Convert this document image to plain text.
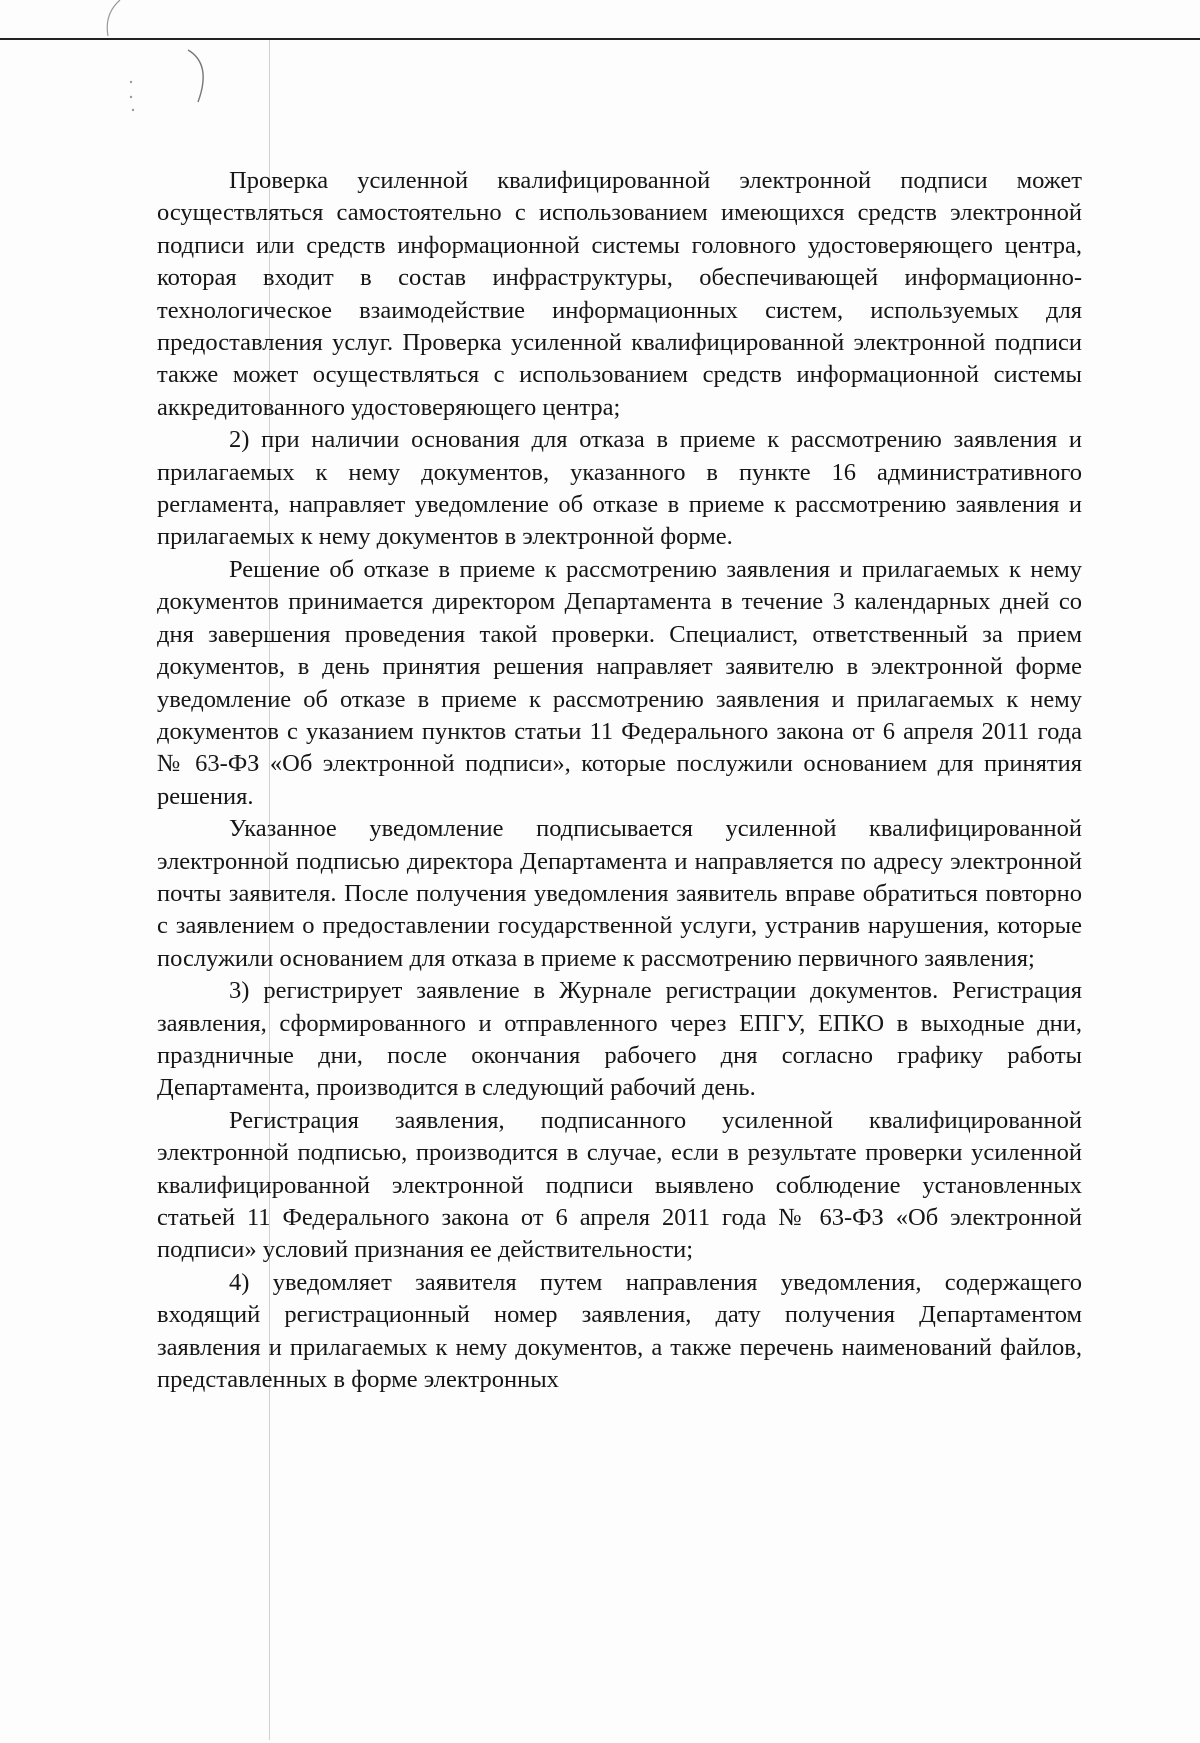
Проверка усиленной квалифицированной электронной подписи может осуществляться самостоятельно с использованием имеющихся средств электронной подписи или средств информационной системы головного удостоверяющего центра, которая входит в состав инфраструктуры, обеспечивающей информационно-технологическое взаимодействие информационных систем, используемых для предоставления услуг. Проверка усиленной квалифицированной электронной подписи также может осуществляться с использованием средств информационной системы аккредитованного удостоверяющего центра;

2) при наличии основания для отказа в приеме к рассмотрению заявления и прилагаемых к нему документов, указанного в пункте 16 административного регламента, направляет уведомление об отказе в приеме к рассмотрению заявления и прилагаемых к нему документов в электронной форме.

Решение об отказе в приеме к рассмотрению заявления и прилагаемых к нему документов принимается директором Департамента в течение 3 календарных дней со дня завершения проведения такой проверки. Специалист, ответственный за прием документов, в день принятия решения направляет заявителю в электронной форме уведомление об отказе в приеме к рассмотрению заявления и прилагаемых к нему документов с указанием пунктов статьи 11 Федерального закона от 6 апреля 2011 года № 63-ФЗ «Об электронной подписи», которые послужили основанием для принятия решения.

Указанное уведомление подписывается усиленной квалифицированной электронной подписью директора Департамента и направляется по адресу электронной почты заявителя. После получения уведомления заявитель вправе обратиться повторно с заявлением о предоставлении государственной услуги, устранив нарушения, которые послужили основанием для отказа в приеме к рассмотрению первичного заявления;

3) регистрирует заявление в Журнале регистрации документов. Регистрация заявления, сформированного и отправленного через ЕПГУ, ЕПКО в выходные дни, праздничные дни, после окончания рабочего дня согласно графику работы Департамента, производится в следующий рабочий день.

Регистрация заявления, подписанного усиленной квалифицированной электронной подписью, производится в случае, если в результате проверки усиленной квалифицированной электронной подписи выявлено соблюдение установленных статьей 11 Федерального закона от 6 апреля 2011 года № 63-ФЗ «Об электронной подписи» условий признания ее действительности;

4) уведомляет заявителя путем направления уведомления, содержащего входящий регистрационный номер заявления, дату получения Департаментом заявления и прилагаемых к нему документов, а также перечень наименований файлов, представленных в форме электронных
